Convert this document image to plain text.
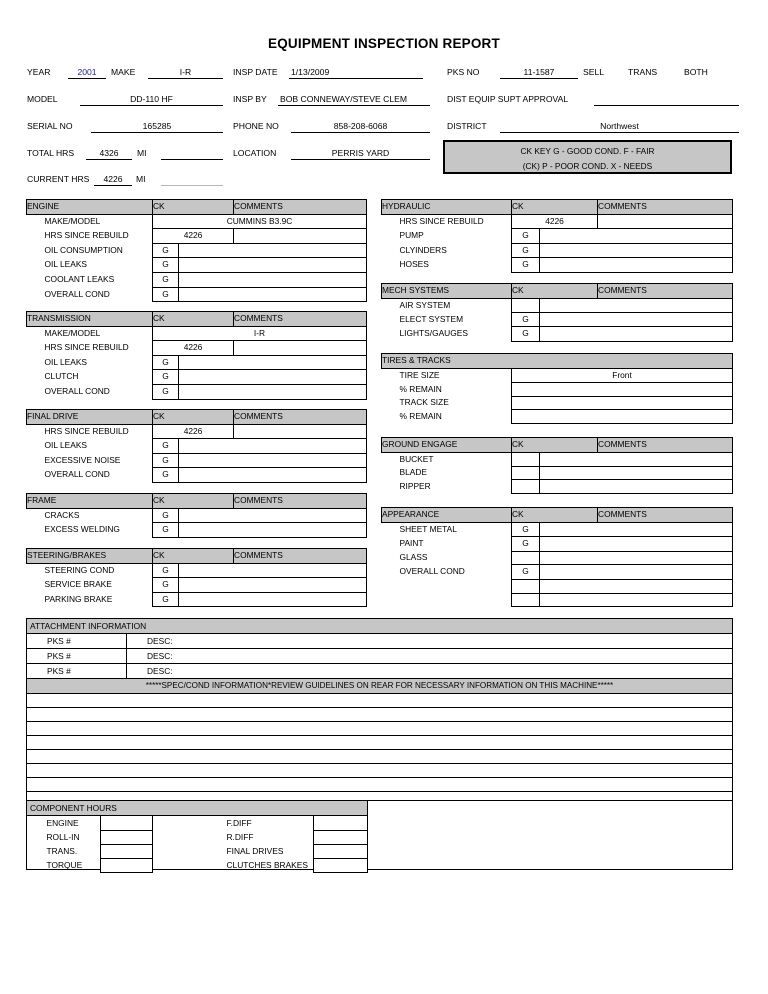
EQUIPMENT INSPECTION REPORT
YEAR	2001	MAKE	I-R	INSP DATE 1/13/2009	PKS NO	11-1587	SELL	TRANS	BOTH
MODEL	DD-110 HF	INSP BY BOB CONNEWAY/STEVE CLEM	DIST EQUIP SUPT APPROVAL
SERIAL NO	165285	PHONE NO	858-208-6068	DISTRICT	Northwest
TOTAL HRS	4326	MI	LOCATION	PERRIS YARD
CURRENT HRS	4226	MI
CK KEY G - GOOD COND. F - FAIR
(CK) P - POOR COND. X - NEEDS
ENGINE	CK		COMMENTS
MAKE/MODEL	CUMMINS B3.9C		
HRS SINCE REBUILD	4226		
OIL CONSUMPTION	G		
OIL LEAKS	G		
COOLANT LEAKS	G		
OVERALL COND	G		
TRANSMISSION	CK		COMMENTS
MAKE/MODEL	I-R		
HRS SINCE REBUILD	4226		
OIL LEAKS	G		
CLUTCH	G		
OVERALL COND	G		
FINAL DRIVE	CK		COMMENTS
HRS SINCE REBUILD	4226		
OIL LEAKS	G		
EXCESSIVE NOISE	G		
OVERALL COND	G		
FRAME	CK		COMMENTS
CRACKS	G		
EXCESS WELDING	G		
STEERING/BRAKES	CK		COMMENTS
STEERING COND	G		
SERVICE BRAKE	G		
PARKING BRAKE	G		
HYDRAULIC	CK		COMMENTS
HRS SINCE REBUILD	4226		
PUMP	G		
CLYINDERS	G		
HOSES	G		
MECH SYSTEMS	CK		COMMENTS
AIR SYSTEM			
ELECT SYSTEM	G		
LIGHTS/GAUGES	G		
TIRES & TRACKS	
TIRE SIZE	Front
% REMAIN	
TRACK SIZE	
% REMAIN	
GROUND ENGAGE	CK		COMMENTS
BUCKET			
BLADE			
RIPPER			
APPEARANCE	CK		COMMENTS
SHEET METAL	G		
PAINT	G		
GLASS			
OVERALL COND	G		

ATTACHMENT INFORMATION	
PKS #	DESC:
PKS #	DESC:
PKS #	DESC:
*****SPEC/COND INFORMATION*REVIEW GUIDELINES ON REAR FOR NECESSARY INFORMATION ON THIS MACHINE*****	

COMPONENT HOURS				
ENGINE			F.DIFF	
ROLL-IN			R.DIFF	
TRANS.			FINAL DRIVES	
TORQUE			CLUTCHES BRAKES	
